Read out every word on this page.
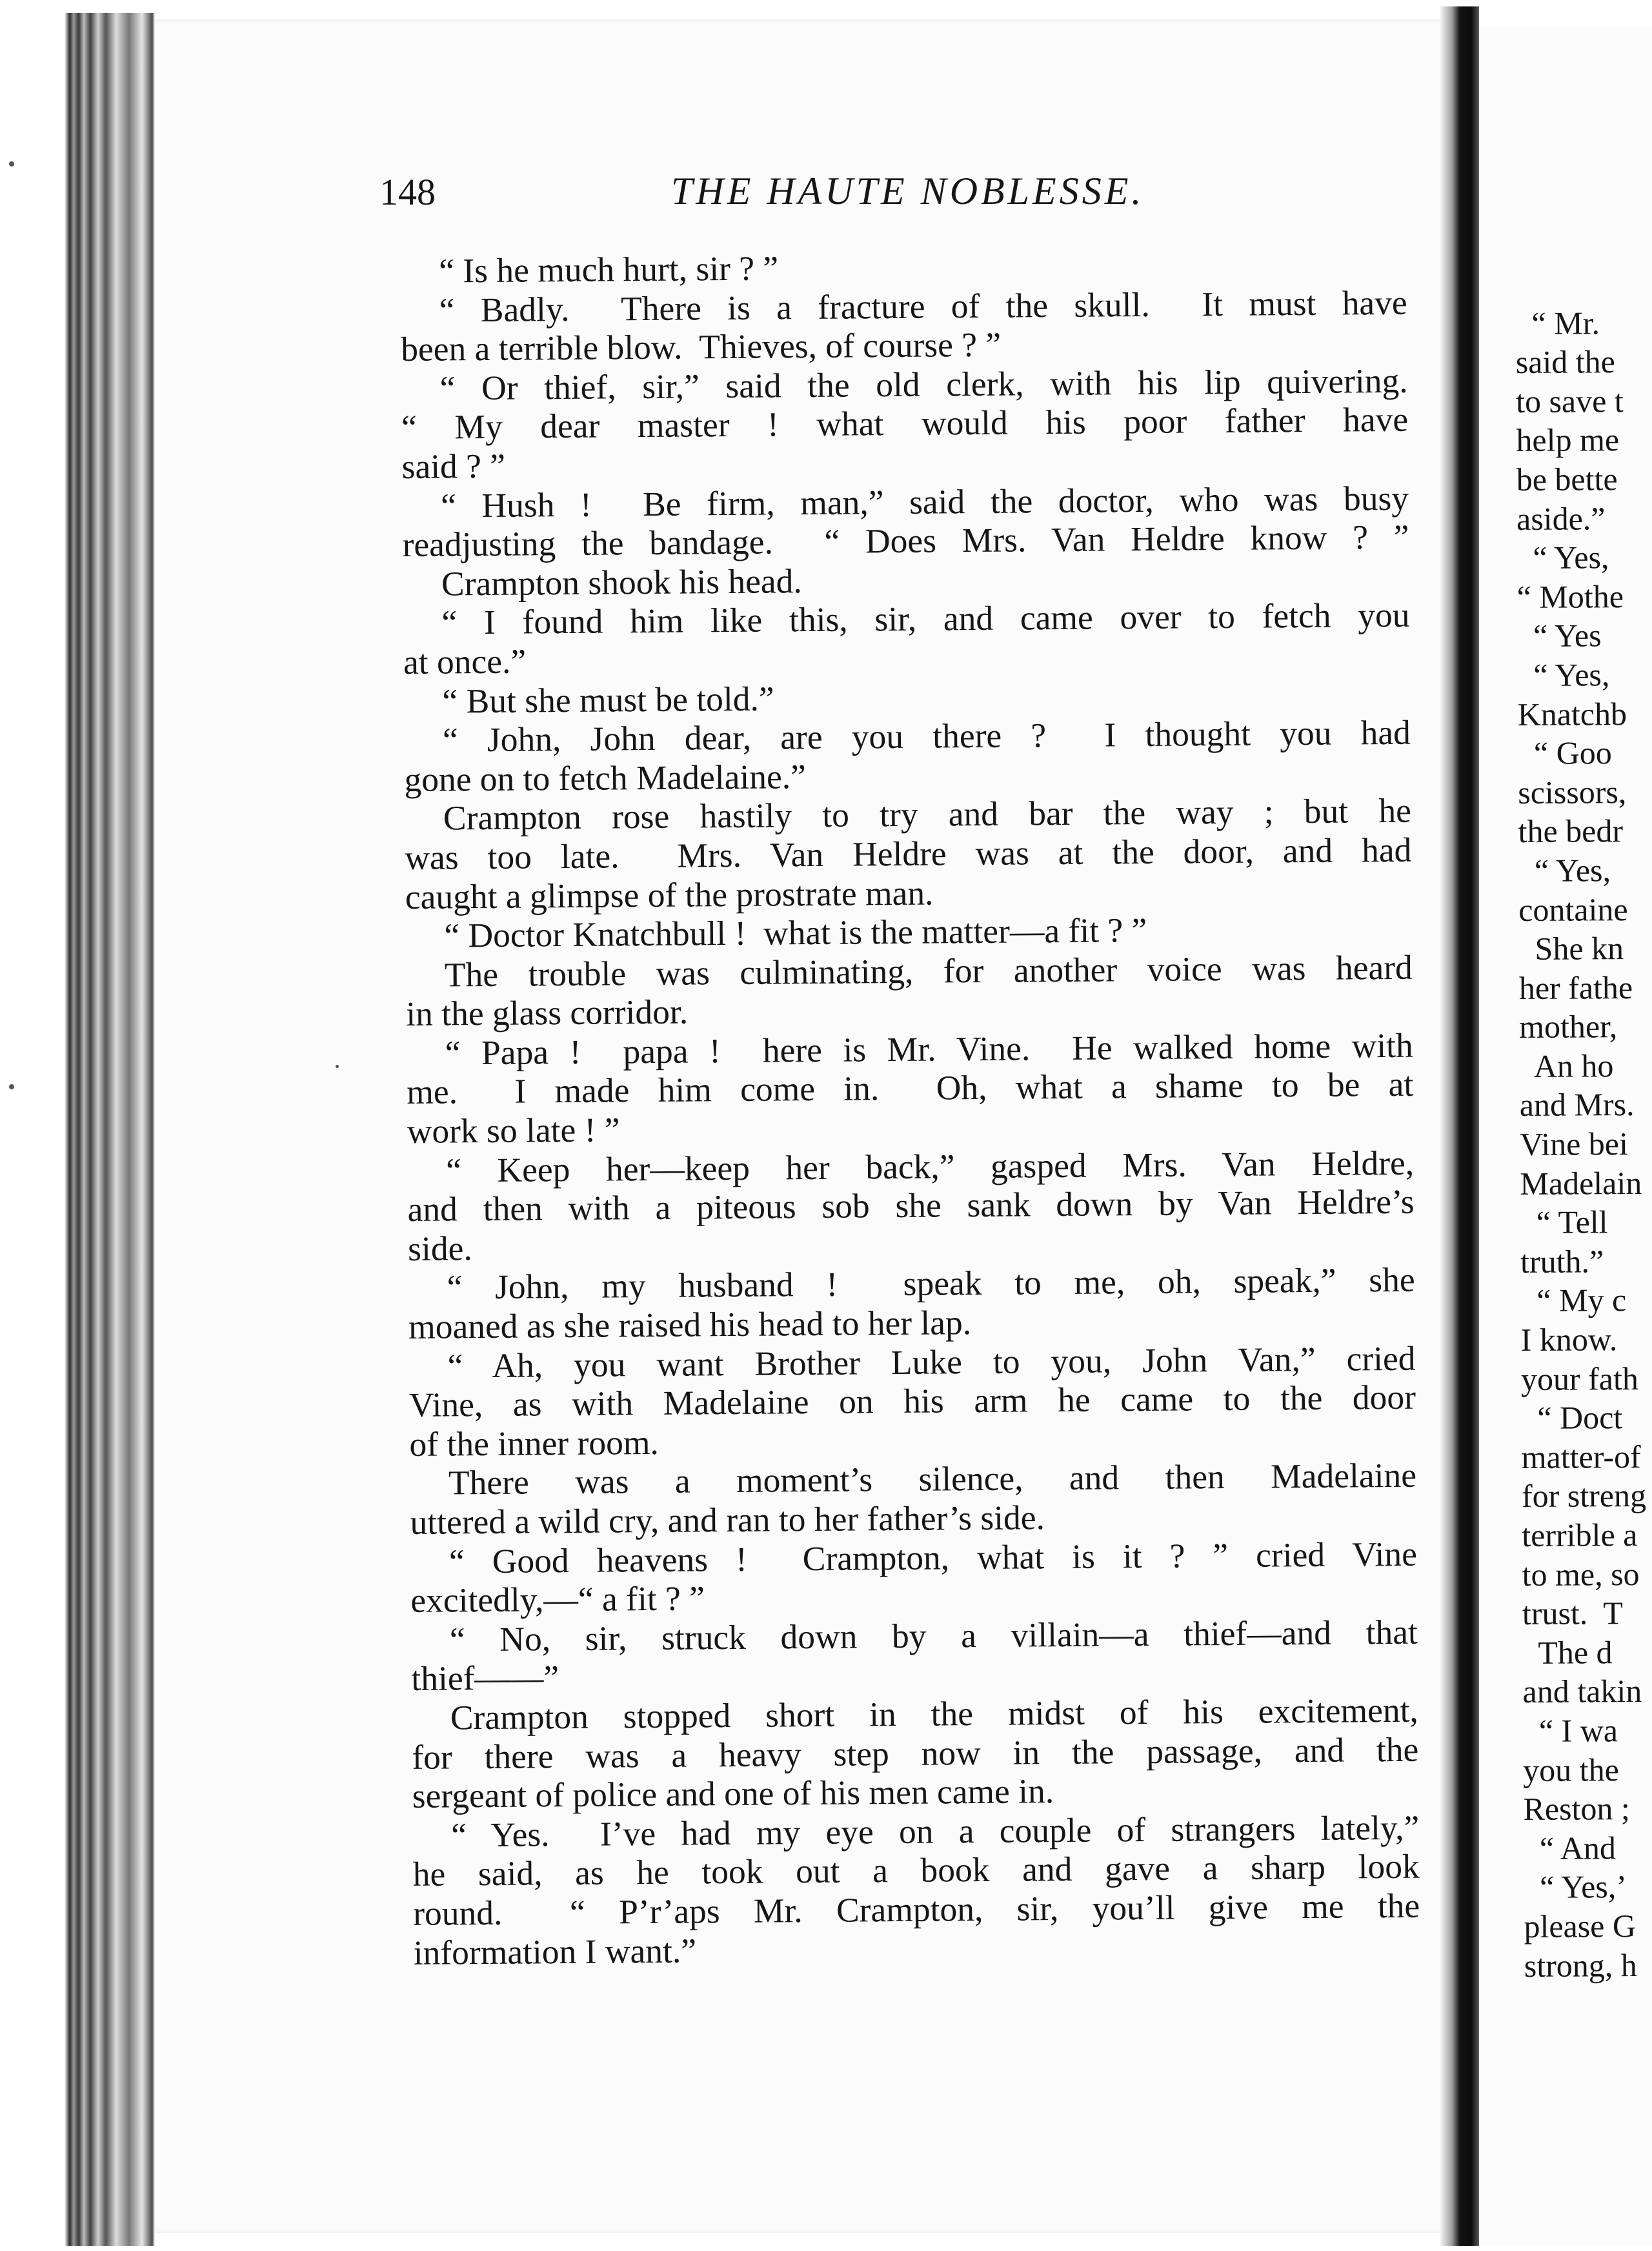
148	THE HAUTE NOBLESSE.
“ Is he much hurt, sir ? ”
“ Badly.  There is a fracture of the skull.  It must have
been a terrible blow.  Thieves, of course ? ”
“ Or thief, sir,” said the old clerk, with his lip quivering.
“ My dear master ! what would his poor father have
said ? ”
“ Hush !  Be firm, man,” said the doctor, who was busy
readjusting the bandage.  “ Does Mrs. Van Heldre know ? ”
Crampton shook his head.
“ I found him like this, sir, and came over to fetch you
at once.”
“ But she must be told.”
“ John, John dear, are you there ?  I thought you had
gone on to fetch Madelaine.”
Crampton rose hastily to try and bar the way ; but he
was too late.  Mrs. Van Heldre was at the door, and had
caught a glimpse of the prostrate man.
“ Doctor Knatchbull !  what is the matter—a fit ? ”
The trouble was culminating, for another voice was heard
in the glass corridor.
“ Papa !  papa !  here is Mr. Vine.  He walked home with
me.  I made him come in.  Oh, what a shame to be at
work so late ! ”
“ Keep her—keep her back,” gasped Mrs. Van Heldre,
and then with a piteous sob she sank down by Van Heldre’s
side.
“ John, my husband !  speak to me, oh, speak,” she
moaned as she raised his head to her lap.
“ Ah, you want Brother Luke to you, John Van,” cried
Vine, as with Madelaine on his arm he came to the door
of the inner room.
There was a moment’s silence, and then Madelaine
uttered a wild cry, and ran to her father’s side.
“ Good heavens !  Crampton, what is it ? ” cried Vine
excitedly,—“ a fit ? ”
“ No, sir, struck down by a villain—a thief—and that
thief——”
Crampton stopped short in the midst of his excitement,
for there was a heavy step now in the passage, and the
sergeant of police and one of his men came in.
“ Yes.  I’ve had my eye on a couple of strangers lately,”
he said, as he took out a book and gave a sharp look
round.  “ P’r’aps Mr. Crampton, sir, you’ll give me the
information I want.”
“ Mr.
said the
to save t
help me
be bette
aside.”
“ Yes,
“ Mothe
“ Yes
“ Yes,
Knatchb
“ Goo
scissors,
the bedr
“ Yes,
containe
She kn
her fathe
mother,
An ho
and Mrs.
Vine bei
Madelain
“ Tell
truth.”
“ My c
I know.
your fath
“ Doct
matter-of
for streng
terrible a
to me, so
trust.  T
The d
and takin
“ I wa
you the
Reston ;
“ And
“ Yes,’
please G
strong, h
